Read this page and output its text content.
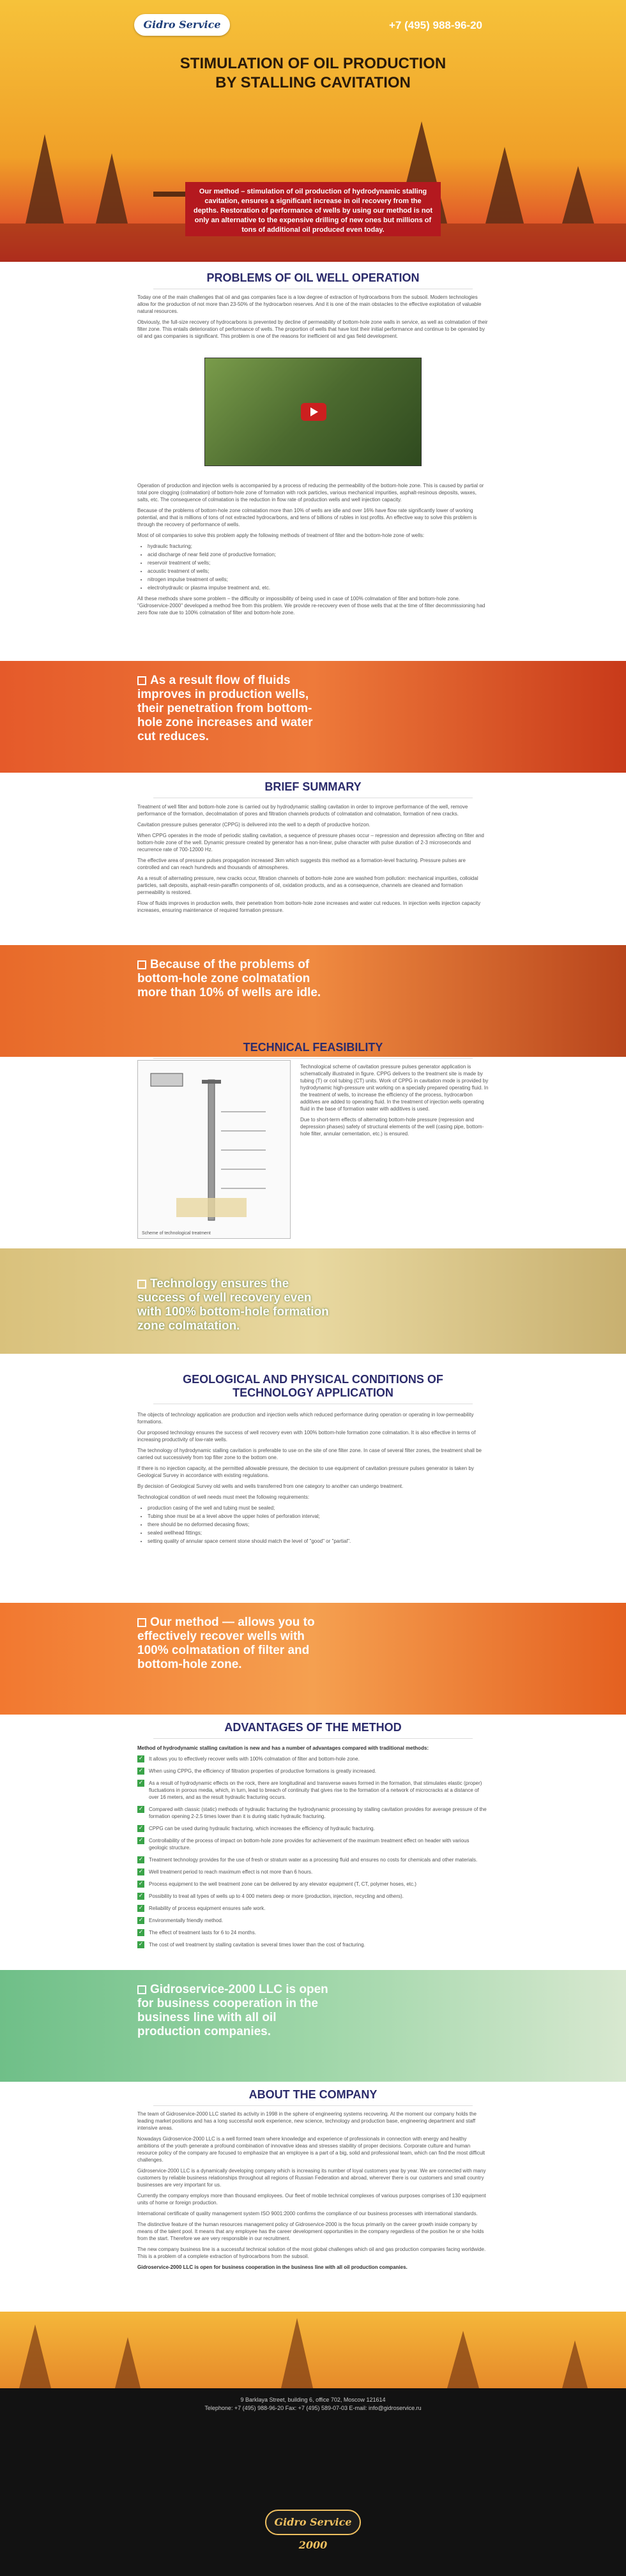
Gidro Service	+7 (495) 988-96-20
STIMULATION OF OIL PRODUCTION
BY STALLING CAVITATION
Our method – stimulation of oil production of hydrodynamic stalling cavitation, ensures a significant increase in oil recovery from the depths. Restoration of performance of wells by using our method is not only an alternative to the expensive drilling of new ones but millions of tons of additional oil produced even today.
PROBLEMS OF OIL WELL OPERATION

Today one of the main challenges that oil and gas companies face is a low degree of extraction of hydrocarbons from the subsoil. Modern technologies allow for the production of not more than 23-50% of the hydrocarbon reserves. And it is one of the main obstacles to the effective exploitation of valuable natural resources.

Obviously, the full-size recovery of hydrocarbons is prevented by decline of permeability of bottom-hole zone walls in service, as well as colmatation of their filter zone. This entails deterioration of performance of wells. The proportion of wells that have lost their initial performance and continue to be operated by oil and gas companies is significant. This problem is one of the reasons for inefficient oil and gas field development.

Operation of production and injection wells is accompanied by a process of reducing the permeability of the bottom-hole zone. This is caused by partial or total pore clogging (colmatation) of bottom-hole zone of formation with rock particles, various mechanical impurities, asphalt-resinous deposits, waxes, salts, etc. The consequence of colmatation is the reduction in flow rate of production wells and well injection capacity.

Because of the problems of bottom-hole zone colmatation more than 10% of wells are idle and over 16% have flow rate significantly lower of working potential, and that is millions of tons of not extracted hydrocarbons, and tens of billions of rubles in lost profits. An effective way to solve this problem is through the recovery of performance of wells.

Most of oil companies to solve this problem apply the following methods of treatment of filter and the bottom-hole zone of wells:

• hydraulic fracturing;
• acid discharge of near field zone of productive formation;
• reservoir treatment of wells;
• acoustic treatment of wells;
• nitrogen impulse treatment of wells;
• electrohydraulic or plasma impulse treatment and, etc.

All these methods share some problem – the difficulty or impossibility of being used in case of 100% colmatation of filter and bottom-hole zone. "Gidroservice-2000" developed a method free from this problem. We provide re-recovery even of those wells that at the time of filter decommissioning had zero flow rate due to 100% colmatation of filter and bottom-hole zone.

As a result flow of fluids improves in production wells, their penetration from bottom-hole zone increases and water cut reduces.
BRIEF SUMMARY

Treatment of well filter and bottom-hole zone is carried out by hydrodynamic stalling cavitation in order to improve performance of the well, remove performance of the formation, decolmatation of pores and filtration channels products of colmatation and colmatation, formation of new cracks.

Cavitation pressure pulses generator (CPPG) is delivered into the well to a depth of productive horizon.

When CPPG operates in the mode of periodic stalling cavitation, a sequence of pressure phases occur – repression and depression affecting on filter and bottom-hole zone of the well. Dynamic pressure created by generator has a non-linear, pulse character with pulse duration of 2-3 microseconds and recurrence rate of 700-12000 Hz.

The effective area of pressure pulses propagation increased 3km which suggests this method as a formation-level fracturing. Pressure pulses are controlled and can reach hundreds and thousands of atmospheres.

As a result of alternating pressure, new cracks occur, filtration channels of bottom-hole zone are washed from pollution: mechanical impurities, colloidal particles, salt deposits, asphalt-resin-paraffin components of oil, oxidation products, and as a consequence, channels are cleaned and formation permeability is restored.

Flow of fluids improves in production wells, their penetration from bottom-hole zone increases and water cut reduces. In injection wells injection capacity increases, ensuring maintenance of required formation pressure.

Because of the problems of bottom-hole zone colmatation more than 10% of wells are idle.
TECHNICAL FEASIBILITY
Scheme of technological treatment

Technological scheme of cavitation pressure pulses generator application is schematically illustrated in figure. CPPG delivers to the treatment site is made by tubing (T) or coil tubing (CT) units. Work of CPPG in cavitation mode is provided by hydrodynamic high-pressure unit working on a specially prepared operating fluid. In the treatment of wells, to increase the efficiency of the process, hydrocarbon additives are added to operating fluid. In the treatment of injection wells operating fluid in the base of formation water with additives is used.

Due to short-term effects of alternating bottom-hole pressure (repression and depression phases) safety of structural elements of the well (casing pipe, bottom-hole filter, annular cementation, etc.) is ensured.

Technology ensures the success of well recovery even with 100% bottom-hole formation zone colmatation.
GEOLOGICAL AND PHYSICAL CONDITIONS OF
TECHNOLOGY APPLICATION

The objects of technology application are production and injection wells which reduced performance during operation or operating in low-permeability formations.

Our proposed technology ensures the success of well recovery even with 100% bottom-hole formation zone colmatation. It is also effective in terms of increasing productivity of low-rate wells.

The technology of hydrodynamic stalling cavitation is preferable to use on the site of one filter zone. In case of several filter zones, the treatment shall be carried out successively from top filter zone to the bottom one.

If there is no injection capacity, at the permitted allowable pressure, the decision to use equipment of cavitation pressure pulses generator is taken by Geological Survey in accordance with existing regulations.

By decision of Geological Survey old wells and wells transferred from one category to another can undergo treatment.

Technological condition of well needs must meet the following requirements:

• production casing of the well and tubing must be sealed;
• Tubing shoe must be at a level above the upper holes of perforation interval;
• there should be no deformed decasing flows;
• sealed wellhead fittings;
• setting quality of annular space cement stone should match the level of "good" or "partial".
Our method — allows you to effectively recover wells with 100% colmatation of filter and bottom-hole zone.
ADVANTAGES OF THE METHOD

Method of hydrodynamic stalling cavitation is new and has a number of advantages compared with traditional methods:

✓ It allows you to effectively recover wells with 100% colmatation of filter and bottom-hole zone.
✓ When using CPPG, the efficiency of filtration properties of productive formations is greatly increased.
✓ As a result of hydrodynamic effects on the rock, there are longitudinal and transverse waves formed in the formation, that stimulates elastic (proper) fluctuations in porous media, which, in turn, lead to breach of continuity that gives rise to the formation of a network of microcracks at a distance of over 16 meters, and as the result hydraulic fracturing occurs.
✓ Compared with classic (static) methods of hydraulic fracturing the hydrodynamic processing by stalling cavitation provides for average pressure of the formation opening 2-2.5 times lower than it is during static hydraulic fracturing.
✓ CPPG can be used during hydraulic fracturing, which increases the efficiency of hydraulic fracturing.
✓ Controllability of the process of impact on bottom-hole zone provides for achievement of the maximum treatment effect on header with various geologic structure.
✓ Treatment technology provides for the use of fresh or stratum water as a processing fluid and ensures no costs for chemicals and other materials.
✓ Well treatment period to reach maximum effect is not more than 6 hours.
✓ Process equipment to the well treatment zone can be delivered by any elevator equipment (T, CT, polymer hoses, etc.)
✓ Possibility to treat all types of wells up to 4 000 meters deep or more (production, injection, recycling and others).
✓ Reliability of process equipment ensures safe work.
✓ Environmentally friendly method.
✓ The effect of treatment lasts for 6 to 24 months.
✓ The cost of well treatment by stalling cavitation is several times lower than the cost of fracturing.
Gidroservice-2000 LLC is open for business cooperation in the business line with all oil production companies.
ABOUT THE COMPANY

The team of Gidroservice-2000 LLC started its activity in 1998 in the sphere of engineering systems recovering. At the moment our company holds the leading market positions and has a long successful work experience, new science, technology and production base, engineering department and staff intensive areas.

Nowadays Gidroservice-2000 LLC is a well formed team where knowledge and experience of professionals in connection with energy and healthy ambitions of the youth generate a profound combination of innovative ideas and stresses stability of proper decisions. Corporate culture and human resource policy of the company are focused to emphasize that an employee is a part of a big, solid and professional team, which can find the most difficult challenges.

Gidroservice-2000 LLC is a dynamically developing company which is increasing its number of loyal customers year by year. We are connected with many customers by reliable business relationships throughout all regions of Russian Federation and abroad, wherever there is our customers and small country businesses are very important for us.

Currently the company employs more than thousand employees. Our fleet of mobile technical complexes of various purposes comprises of 130 equipment units of home or foreign production.

International certificate of quality management system ISO 9001:2000 confirms the compliance of our business processes with international standards.

The distinctive feature of the human resources management policy of Gidroservice-2000 is the focus primarily on the career growth inside company by means of the talent pool. It means that any employee has the career development opportunities in the company regardless of the position he or she holds from the start. Therefore we are very responsible in our recruitment.

The new company business line is a successful technical solution of the most global challenges which oil and gas production companies facing worldwide. This is a problem of a complete extraction of hydrocarbons from the subsoil.

Gidroservice-2000 LLC is open for business cooperation in the business line with all oil production companies.

9 Barklaya Street, building 6, office 702, Moscow 121614
Telephone: +7 (495) 988-96-20 Fax: +7 (495) 589-07-03 E-mail: info@gidroservice.ru
Gidro Service 2000
